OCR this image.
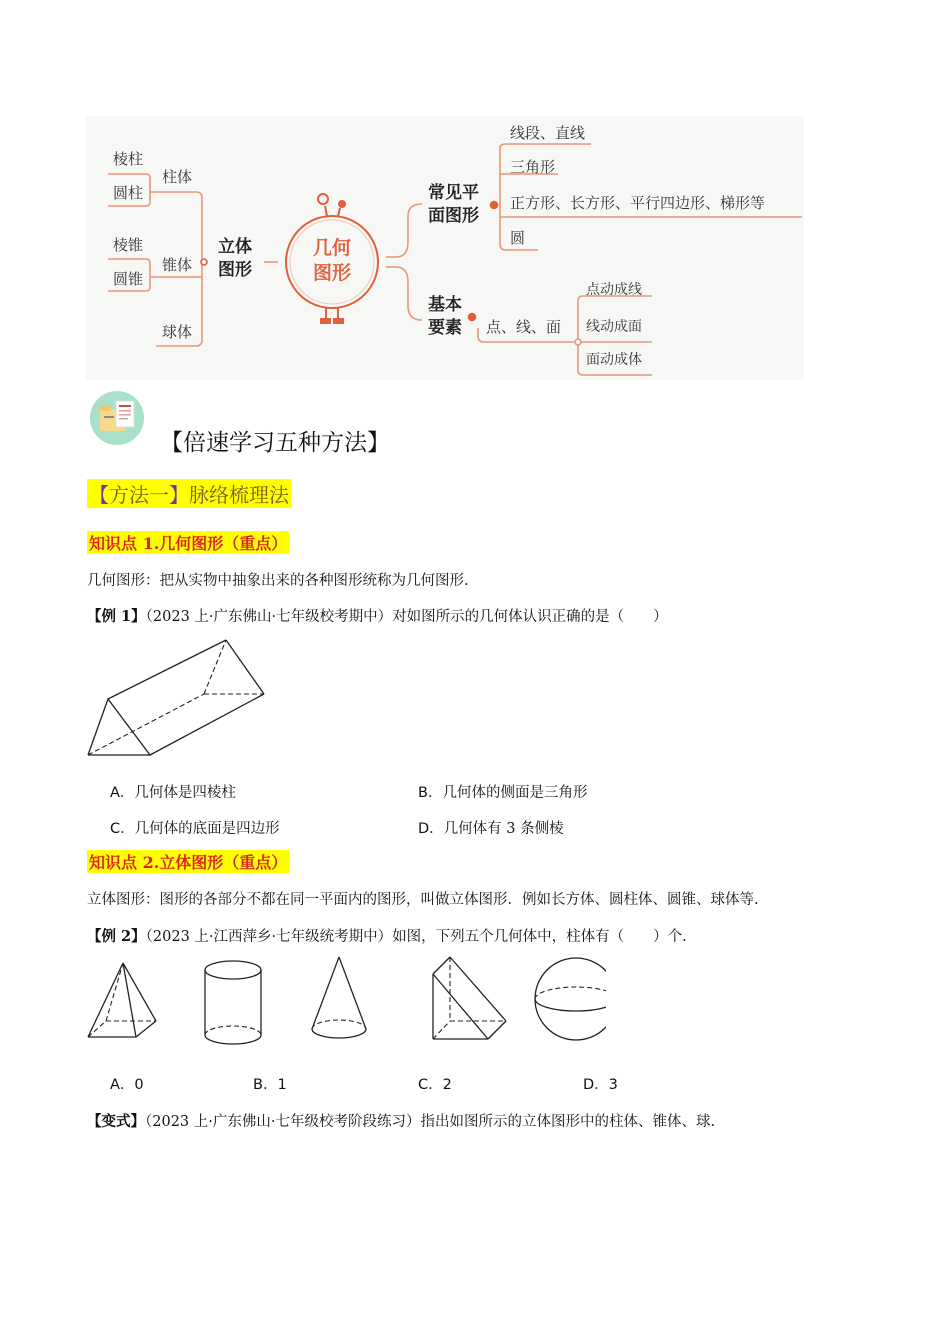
棱柱
圆柱
柱体
棱锥
圆锥
锥体
球体
立体
图形
几何
图形
常见平
面图形
线段、直线
三角形
正方形、长方形、平行四边形、梯形等
圆
基本
要素 点、线、面
点动成线
线动成面
面动成体
【倍速学习五种方法】
【方法一】脉络梳理法
知识点 1.几何图形（重点）
几何图形：把从实物中抽象出来的各种图形统称为几何图形.
【例 1】（2023 上·广东佛山·七年级校考期中）对如图所示的几何体认识正确的是（　　）
A．几何体是四棱柱	B．几何体的侧面是三角形
C．几何体的底面是四边形	D．几何体有 3 条侧棱
知识点 2.立体图形（重点）
立体图形：图形的各部分不都在同一平面内的图形，叫做立体图形．例如长方体、圆柱体、圆锥、球体等.
【例 2】（2023 上·江西萍乡·七年级统考期中）如图，下列五个几何体中，柱体有（　　）个.
A．0	B．1	C．2	D．3
【变式】（2023 上·广东佛山·七年级校考阶段练习）指出如图所示的立体图形中的柱体、锥体、球.
